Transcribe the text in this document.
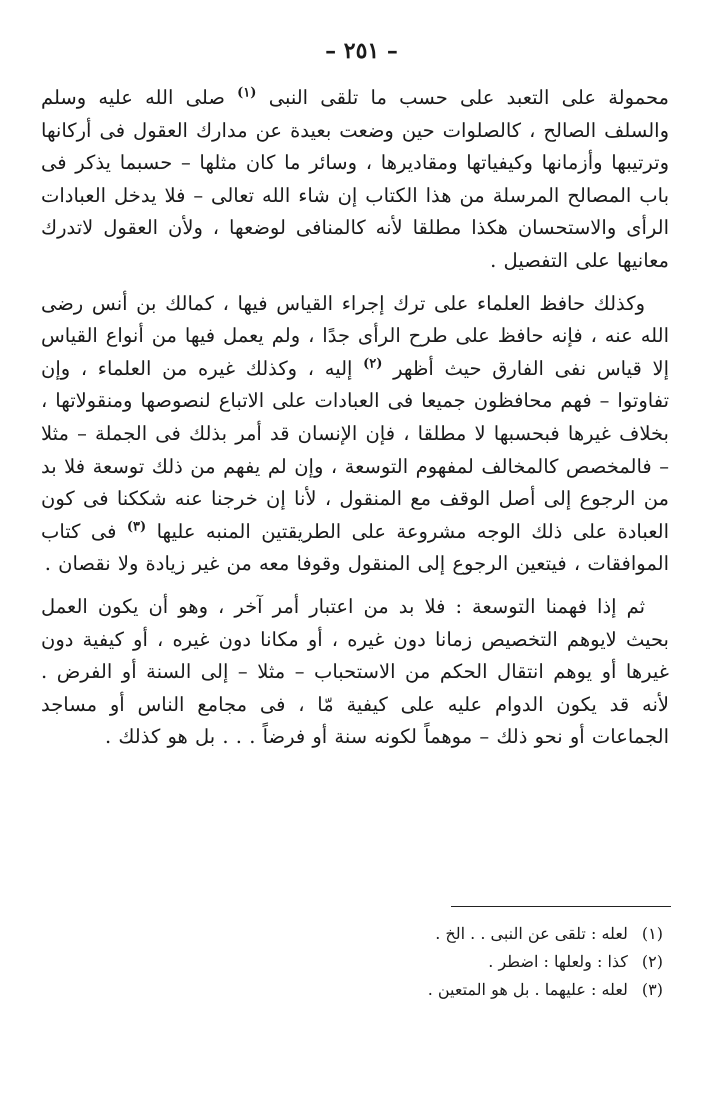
– ٢٥١ –

محمولة على التعبد على حسب ما تلقى النبى $^{(١)}$ صلى الله عليه وسلم والسلف الصالح ، كالصلوات حين وضعت بعيدة عن مدارك العقول فى أركانها وترتيبها وأزمانها وكيفياتها ومقاديرها ، وسائر ما كان مثلها – حسبما يذكر فى باب المصالح المرسلة من هذا الكتاب إن شاء الله تعالى – فلا يدخل العبادات الرأى والاستحسان هكذا مطلقا لأنه كالمنافى لوضعها ، ولأن العقول لاتدرك معانيها على التفصيل .

وكذلك حافظ العلماء على ترك إجراء القياس فيها ، كمالك بن أنس رضى الله عنه ، فإنه حافظ على طرح الرأى جدًا ، ولم يعمل فيها من أنواع القياس إلا قياس نفى الفارق حيث أظهر $^{(٢)}$ إليه ، وكذلك غيره من العلماء ، وإن تفاوتوا – فهم محافظون جميعا فى العبادات على الاتباع لنصوصها ومنقولاتها ، بخلاف غيرها فبحسبها لا مطلقا ، فإن الإنسان قد أمر بذلك فى الجملة – مثلا – فالمخصص كالمخالف لمفهوم التوسعة ، وإن لم يفهم من ذلك توسعة فلا بد من الرجوع إلى أصل الوقف مع المنقول ، لأنا إن خرجنا عنه شككنا فى كون العبادة على ذلك الوجه مشروعة على الطريقتين المنبه عليها $^{(٣)}$ فى كتاب الموافقات ، فيتعين الرجوع إلى المنقول وقوفا معه من غير زيادة ولا نقصان .

ثم إذا فهمنا التوسعة : فلا بد من اعتبار أمر آخر ، وهو أن يكون العمل بحيث لايوهم التخصيص زمانا دون غيره ، أو مكانا دون غيره ، أو كيفية دون غيرها أو يوهم انتقال الحكم من الاستحباب – مثلا – إلى السنة أو الفرض . لأنه قد يكون الدوام عليه على كيفية مّا ، فى مجامع الناس أو مساجد الجماعات أو نحو ذلك – موهماً لكونه سنة أو فرضاً . . . بل هو كذلك .

(١) لعله : تلقى عن النبى . . الخ .

(٢) كذا : ولعلها : اضطر .

(٣) لعله : عليهما . بل هو المتعين .
